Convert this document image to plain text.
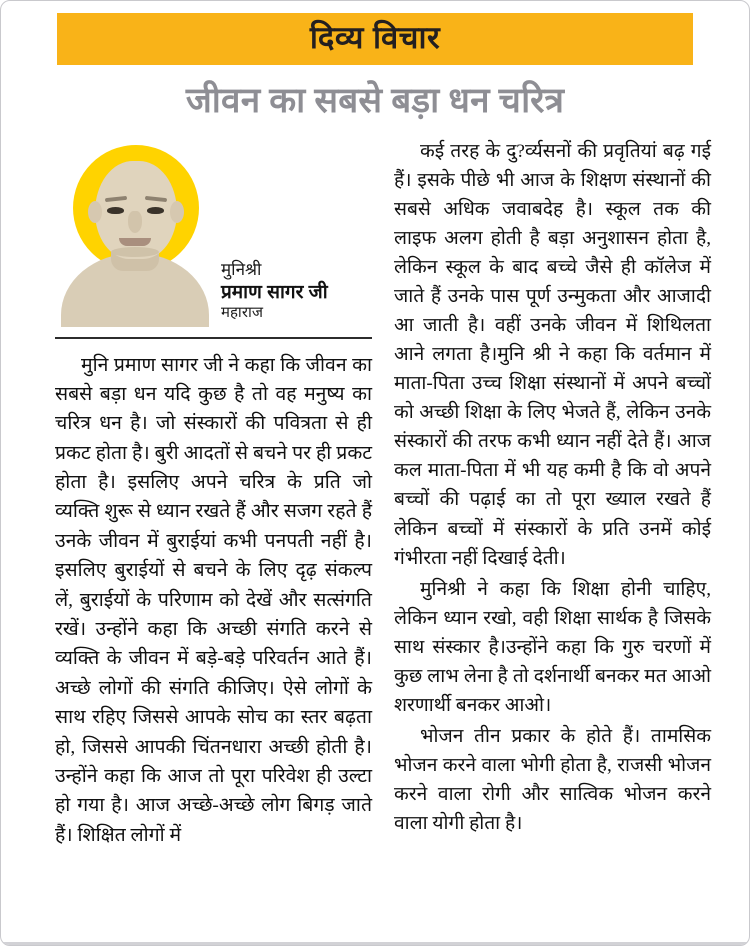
दिव्य विचार
जीवन का सबसे बड़ा धन चरित्र
मुनिश्री
प्रमाण सागर जी
महाराज

मुनि प्रमाण सागर जी ने कहा कि जीवन का सबसे बड़ा धन यदि कुछ है तो वह मनुष्य का चरित्र धन है। जो संस्कारों की पवित्रता से ही प्रकट होता है। बुरी आदतों से बचने पर ही प्रकट होता है। इसलिए अपने चरित्र के प्रति जो व्यक्ति शुरू से ध्यान रखते हैं और सजग रहते हैं उनके जीवन में बुराईयां कभी पनपती नहीं है। इसलिए बुराईयों से बचने के लिए दृढ़ संकल्प लें, बुराईयों के परिणाम को देखें और सत्संगति रखें। उन्होंने कहा कि अच्छी संगति करने से व्यक्ति के जीवन में बड़े-बड़े परिवर्तन आते हैं। अच्छे लोगों की संगति कीजिए। ऐसे लोगों के साथ रहिए जिससे आपके सोच का स्तर बढ़ता हो, जिससे आपकी चिंतनधारा अच्छी होती है। उन्होंने कहा कि आज तो पूरा परिवेश ही उल्टा हो गया है। आज अच्छे-अच्छे लोग बिगड़ जाते हैं। शिक्षित लोगों में

कई तरह के दु?र्व्यसनों की प्रवृतियां बढ़ गई हैं। इसके पीछे भी आज के शिक्षण संस्थानों की सबसे अधिक जवाबदेह है। स्कूल तक की लाइफ अलग होती है बड़ा अनुशासन होता है, लेकिन स्कूल के बाद बच्चे जैसे ही कॉलेज में जाते हैं उनके पास पूर्ण उन्मुकता और आजादी आ जाती है। वहीं उनके जीवन में शिथिलता आने लगता है।मुनि श्री ने कहा कि वर्तमान में माता-पिता उच्च शिक्षा संस्थानों में अपने बच्चों को अच्छी शिक्षा के लिए भेजते हैं, लेकिन उनके संस्कारों की तरफ कभी ध्यान नहीं देते हैं। आज कल माता-पिता में भी यह कमी है कि वो अपने बच्चों की पढ़ाई का तो पूरा ख्याल रखते हैं लेकिन बच्चों में संस्कारों के प्रति उनमें कोई गंभीरता नहीं दिखाई देती।

मुनिश्री ने कहा कि शिक्षा होनी चाहिए, लेकिन ध्यान रखो, वही शिक्षा सार्थक है जिसके साथ संस्कार है।उन्होंने कहा कि गुरु चरणों में कुछ लाभ लेना है तो दर्शनार्थी बनकर मत आओ शरणार्थी बनकर आओ।

भोजन तीन प्रकार के होते हैं। तामसिक भोजन करने वाला भोगी होता है, राजसी भोजन करने वाला रोगी और सात्विक भोजन करने वाला योगी होता है।
